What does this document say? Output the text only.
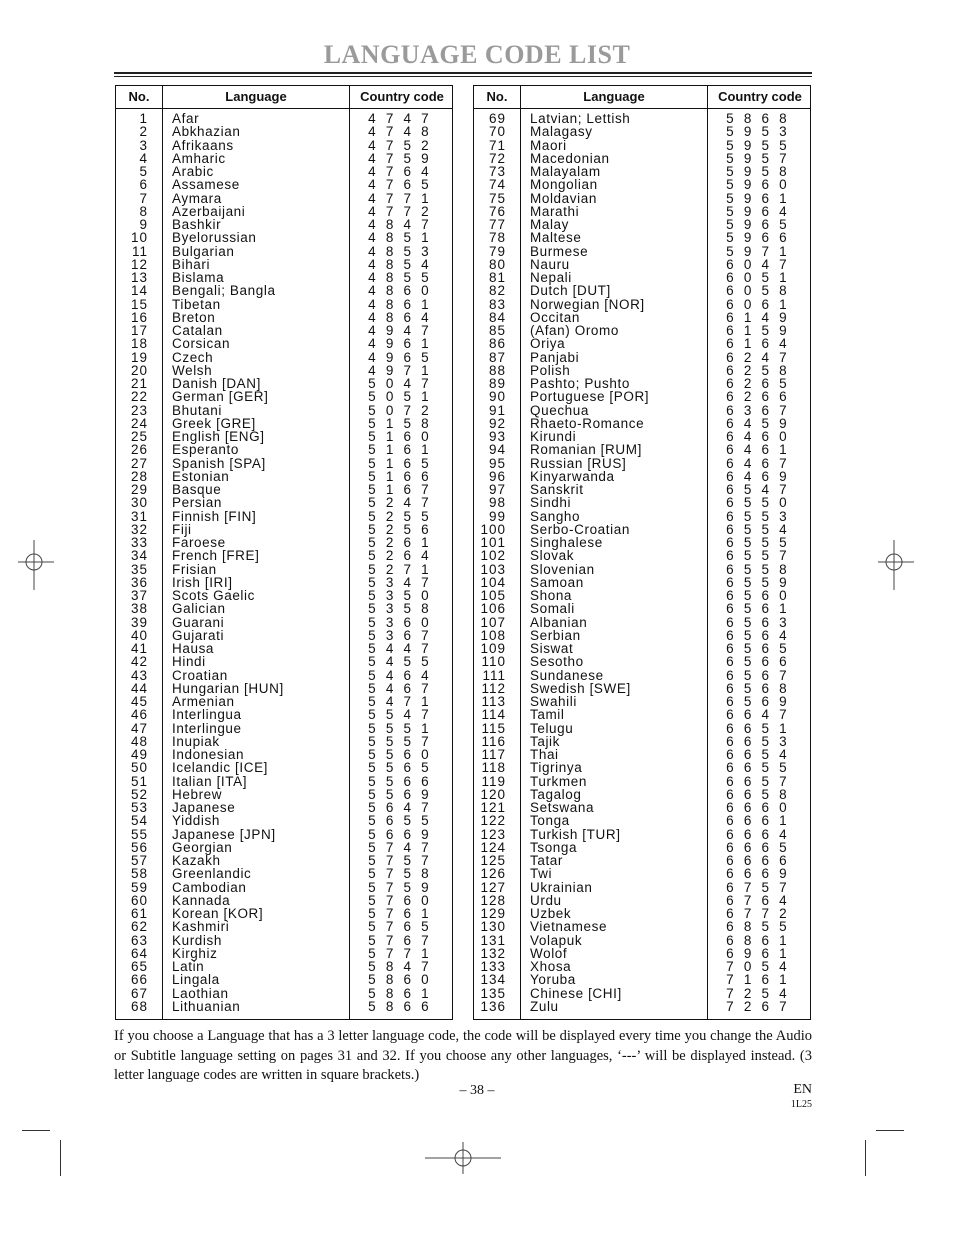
LANGUAGE CODE LIST
No.	Language	Country code
1 Afar	4 7 4 7
2 Abkhazian	4 7 4 8
3 Afrikaans	4 7 5 2
4 Amharic	4 7 5 9
5 Arabic	4 7 6 4
6 Assamese	4 7 6 5
7 Aymara	4 7 7 1
8 Azerbaijani	4 7 7 2
9 Bashkir	4 8 4 7
10 Byelorussian	4 8 5 1
11 Bulgarian	4 8 5 3
12 Bihari	4 8 5 4
13 Bislama	4 8 5 5
14 Bengali; Bangla	4 8 6 0
15 Tibetan	4 8 6 1
16 Breton	4 8 6 4
17 Catalan	4 9 4 7
18 Corsican	4 9 6 1
19 Czech	4 9 6 5
20 Welsh	4 9 7 1
21 Danish [DAN]	5 0 4 7
22 German [GER]	5 0 5 1
23 Bhutani	5 0 7 2
24 Greek [GRE]	5 1 5 8
25 English [ENG]	5 1 6 0
26 Esperanto	5 1 6 1
27 Spanish [SPA]	5 1 6 5
28 Estonian	5 1 6 6
29 Basque	5 1 6 7
30 Persian	5 2 4 7
31 Finnish [FIN]	5 2 5 5
32 Fiji	5 2 5 6
33 Faroese	5 2 6 1
34 French [FRE]	5 2 6 4
35 Frisian	5 2 7 1
36 Irish [IRI]	5 3 4 7
37 Scots Gaelic	5 3 5 0
38 Galician	5 3 5 8
39 Guarani	5 3 6 0
40 Gujarati	5 3 6 7
41 Hausa	5 4 4 7
42 Hindi	5 4 5 5
43 Croatian	5 4 6 4
44 Hungarian [HUN]	5 4 6 7
45 Armenian	5 4 7 1
46 Interlingua	5 5 4 7
47 Interlingue	5 5 5 1
48 Inupiak	5 5 5 7
49 Indonesian	5 5 6 0
50 Icelandic [ICE]	5 5 6 5
51 Italian [ITA]	5 5 6 6
52 Hebrew	5 5 6 9
53 Japanese	5 6 4 7
54 Yiddish	5 6 5 5
55 Japanese [JPN]	5 6 6 9
56 Georgian	5 7 4 7
57 Kazakh	5 7 5 7
58 Greenlandic	5 7 5 8
59 Cambodian	5 7 5 9
60 Kannada	5 7 6 0
61 Korean [KOR]	5 7 6 1
62 Kashmiri	5 7 6 5
63 Kurdish	5 7 6 7
64 Kirghiz	5 7 7 1
65 Latin	5 8 4 7
66 Lingala	5 8 6 0
67 Laothian	5 8 6 1
68 Lithuanian	5 8 6 6
No.	Language	Country code
69 Latvian; Lettish	5 8 6 8
70 Malagasy	5 9 5 3
71 Maori	5 9 5 5
72 Macedonian	5 9 5 7
73 Malayalam	5 9 5 8
74 Mongolian	5 9 6 0
75 Moldavian	5 9 6 1
76 Marathi	5 9 6 4
77 Malay	5 9 6 5
78 Maltese	5 9 6 6
79 Burmese	5 9 7 1
80 Nauru	6 0 4 7
81 Nepali	6 0 5 1
82 Dutch [DUT]	6 0 5 8
83 Norwegian [NOR]	6 0 6 1
84 Occitan	6 1 4 9
85 (Afan) Oromo	6 1 5 9
86 Oriya	6 1 6 4
87 Panjabi	6 2 4 7
88 Polish	6 2 5 8
89 Pashto; Pushto	6 2 6 5
90 Portuguese [POR]	6 2 6 6
91 Quechua	6 3 6 7
92 Rhaeto-Romance	6 4 5 9
93 Kirundi	6 4 6 0
94 Romanian [RUM]	6 4 6 1
95 Russian [RUS]	6 4 6 7
96 Kinyarwanda	6 4 6 9
97 Sanskrit	6 5 4 7
98 Sindhi	6 5 5 0
99 Sangho	6 5 5 3
100 Serbo-Croatian	6 5 5 4
101 Singhalese	6 5 5 5
102 Slovak	6 5 5 7
103 Slovenian	6 5 5 8
104 Samoan	6 5 5 9
105 Shona	6 5 6 0
106 Somali	6 5 6 1
107 Albanian	6 5 6 3
108 Serbian	6 5 6 4
109 Siswat	6 5 6 5
110 Sesotho	6 5 6 6
111 Sundanese	6 5 6 7
112 Swedish [SWE]	6 5 6 8
113 Swahili	6 5 6 9
114 Tamil	6 6 4 7
115 Telugu	6 6 5 1
116 Tajik	6 6 5 3
117 Thai	6 6 5 4
118 Tigrinya	6 6 5 5
119 Turkmen	6 6 5 7
120 Tagalog	6 6 5 8
121 Setswana	6 6 6 0
122 Tonga	6 6 6 1
123 Turkish [TUR]	6 6 6 4
124 Tsonga	6 6 6 5
125 Tatar	6 6 6 6
126 Twi	6 6 6 9
127 Ukrainian	6 7 5 7
128 Urdu	6 7 6 4
129 Uzbek	6 7 7 2
130 Vietnamese	6 8 5 5
131 Volapuk	6 8 6 1
132 Wolof	6 9 6 1
133 Xhosa	7 0 5 4
134 Yoruba	7 1 6 1
135 Chinese [CHI]	7 2 5 4
136 Zulu	7 2 6 7
If you choose a Language that has a 3 letter language code, the code will be displayed every time you change the Audio or Subtitle language setting on pages 31 and 32. If you choose any other languages, ‘---’ will be displayed instead. (3 letter language codes are written in square brackets.)
– 38 –	EN
1L25
